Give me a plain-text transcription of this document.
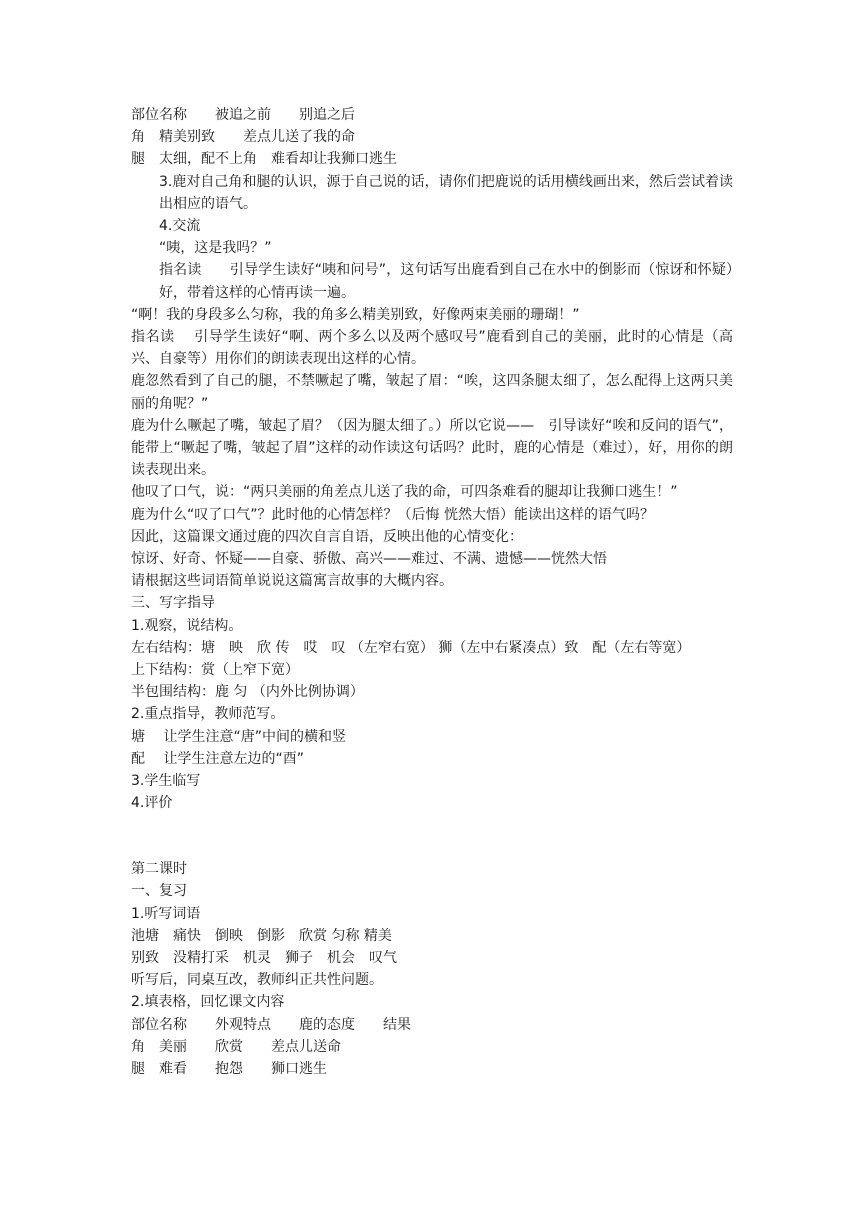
部位名称　　被追之前　　别追之后

角　精美别致　　差点儿送了我的命

腿　太细，配不上角　难看却让我狮口逃生

3.鹿对自己角和腿的认识，源于自己说的话，请你们把鹿说的话用横线画出来，然后尝试着读出相应的语气。

4.交流

“咦，这是我吗？”

指名读　　引导学生读好“咦和问号”，这句话写出鹿看到自己在水中的倒影而（惊讶和怀疑）好，带着这样的心情再读一遍。

“啊！我的身段多么匀称，我的角多么精美别致，好像两束美丽的珊瑚！”

指名读　 引导学生读好“啊、两个多么以及两个感叹号”鹿看到自己的美丽，此时的心情是（高兴、自豪等）用你们的朗读表现出这样的心情。

鹿忽然看到了自己的腿，不禁噘起了嘴，皱起了眉：“唉，这四条腿太细了，怎么配得上这两只美丽的角呢？”

鹿为什么噘起了嘴，皱起了眉？（因为腿太细了。）所以它说——　引导读好“唉和反问的语气”，能带上“噘起了嘴，皱起了眉”这样的动作读这句话吗？此时，鹿的心情是（难过），好，用你的朗读表现出来。

他叹了口气，说：“两只美丽的角差点儿送了我的命，可四条难看的腿却让我狮口逃生！”

鹿为什么“叹了口气”？此时他的心情怎样？（后悔 恍然大悟）能读出这样的语气吗？

因此，这篇课文通过鹿的四次自言自语，反映出他的心情变化：

惊讶、好奇、怀疑——自豪、骄傲、高兴——难过、不满、遗憾——恍然大悟

请根据这些词语简单说说这篇寓言故事的大概内容。

三、写字指导

1.观察，说结构。

左右结构：塘　映　欣 传　哎　叹 （左窄右宽） 狮（左中右紧凑点）致　配（左右等宽）

上下结构：赏（上窄下宽）

半包围结构：鹿 匀 （内外比例协调）

2.重点指导，教师范写。

塘　 让学生注意“唐”中间的横和竖

配　 让学生注意左边的“酉”

3.学生临写

4.评价

第二课时

一、复习

1.听写词语

池塘　痛快　倒映　倒影　欣赏 匀称 精美

别致　没精打采　机灵　狮子　机会　叹气

听写后，同桌互改，教师纠正共性问题。

2.填表格，回忆课文内容

部位名称　　外观特点　　鹿的态度　　结果

角　美丽　　欣赏　　差点儿送命

腿　难看　　抱怨　　狮口逃生
